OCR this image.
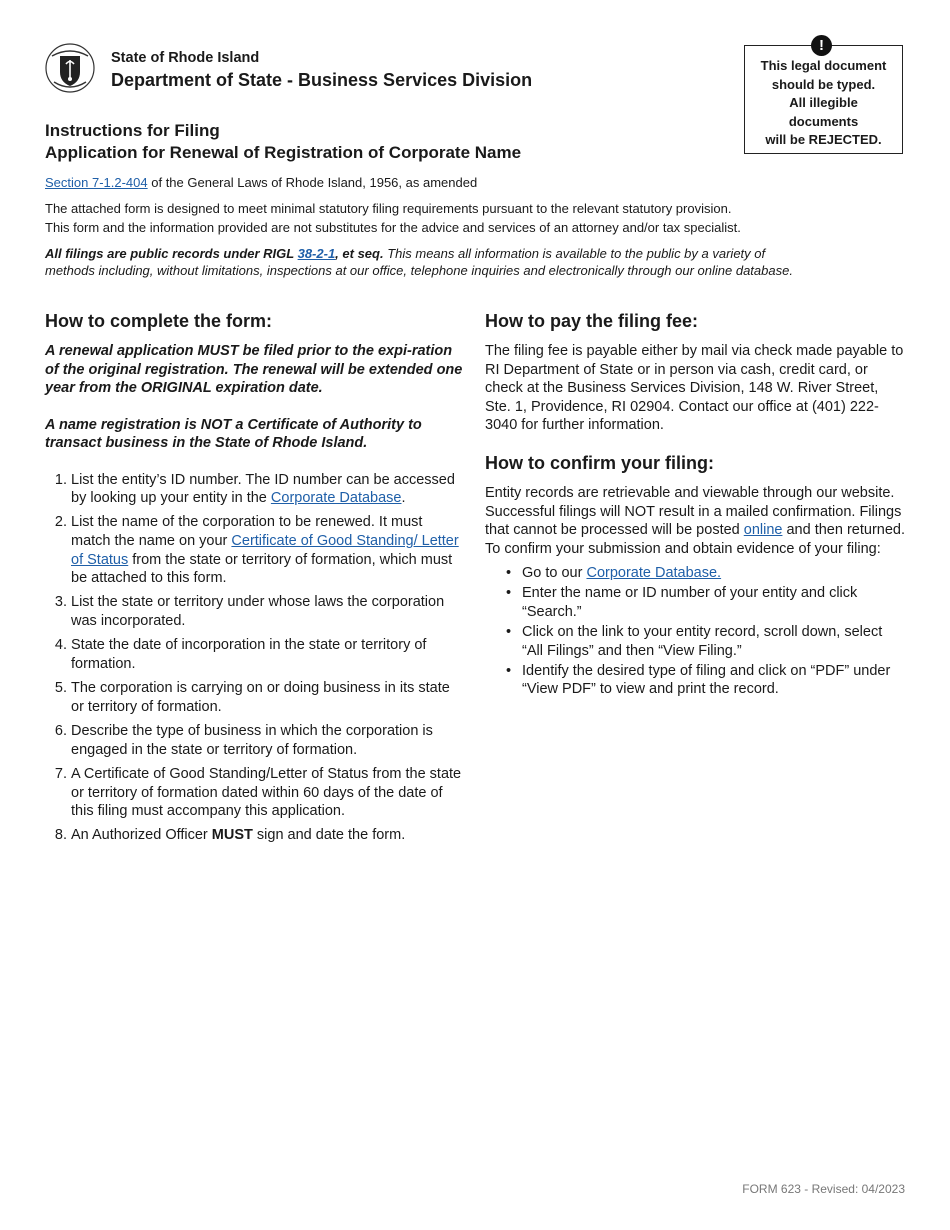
State of Rhode Island
Department of State - Business Services Division
This legal document
should be typed.
All illegible
documents
will be REJECTED.
!
Instructions for Filing
Application for Renewal of Registration of Corporate Name
Section 7-1.2-404 of the General Laws of Rhode Island, 1956, as amended
The attached form is designed to meet minimal statutory filing requirements pursuant to the relevant statutory provision.
This form and the information provided are not substitutes for the advice and services of an attorney and/or tax specialist.
All filings are public records under RIGL 38-2-1, et seq. This means all information is available to the public by a variety of methods including, without limitations, inspections at our office, telephone inquiries and electronically through our online database.
How to complete the form:

A renewal application MUST be filed prior to the expi-ration of the original registration. The renewal will be extended one year from the ORIGINAL expiration date.

A name registration is NOT a Certificate of Authority to transact business in the State of Rhode Island.

1. List the entity’s ID number. The ID number can be accessed by looking up your entity in the Corporate Database.
2. List the name of the corporation to be renewed. It must match the name on your Certificate of Good Standing/ Letter of Status from the state or territory of formation, which must be attached to this form.
3. List the state or territory under whose laws the corporation was incorporated.
4. State the date of incorporation in the state or territory of formation.
5. The corporation is carrying on or doing business in its state or territory of formation.
6. Describe the type of business in which the corporation is engaged in the state or territory of formation.
7. A Certificate of Good Standing/Letter of Status from the state or territory of formation dated within 60 days of the date of this filing must accompany this application.
8. An Authorized Officer MUST sign and date the form.
How to pay the filing fee:

The filing fee is payable either by mail via check made payable to RI Department of State or in person via cash, credit card, or check at the Business Services Division, 148 W. River Street, Ste. 1, Providence, RI 02904. Contact our office at (401) 222-3040 for further information.

How to confirm your filing:

Entity records are retrievable and viewable through our website. Successful filings will NOT result in a mailed confirmation. Filings that cannot be processed will be posted online and then returned. To confirm your submission and obtain evidence of your filing:

• Go to our Corporate Database.
• Enter the name or ID number of your entity and click “Search.”
• Click on the link to your entity record, scroll down, select “All Filings” and then “View Filing.”
• Identify the desired type of filing and click on “PDF” under “View PDF” to view and print the record.
FORM 623 - Revised: 04/2023
